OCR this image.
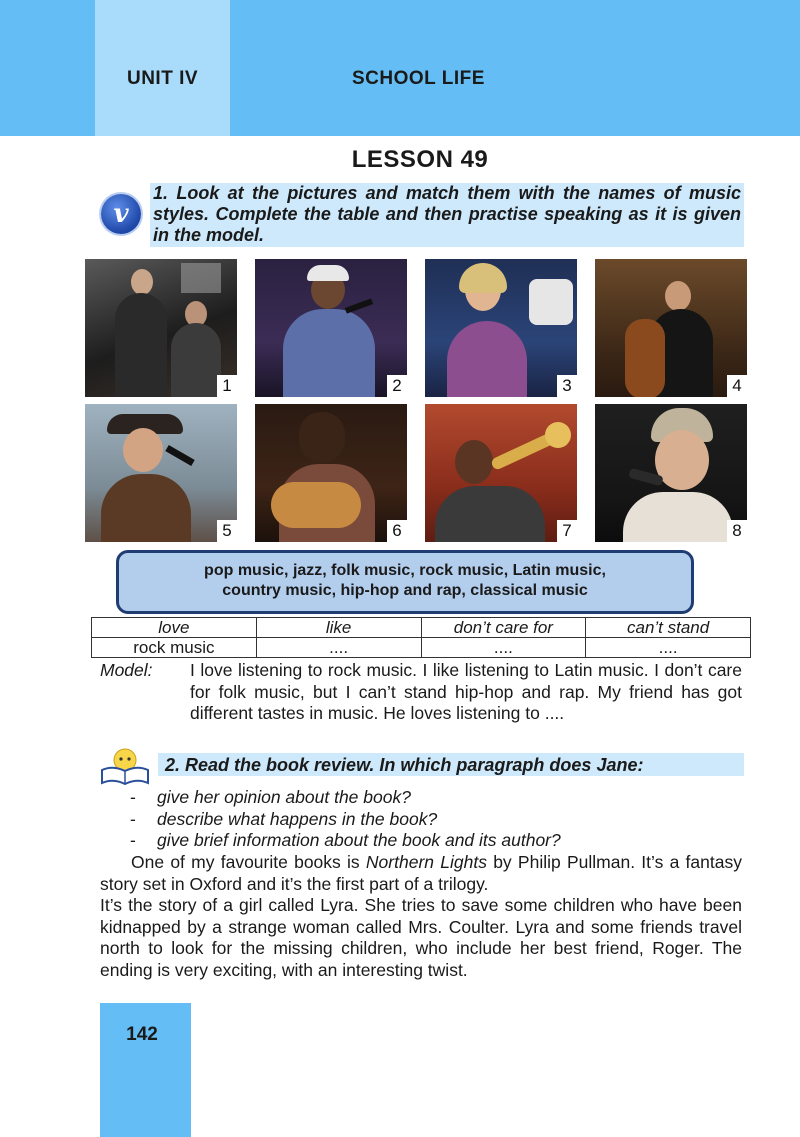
UNIT IV	SCHOOL LIFE
LESSON 49
v
1. Look at the pictures and match them with the names of music styles. Complete the table and then practise speaking as it is given in the model.
1	2	3	4
5	6	7	8
pop music, jazz, folk music, rock music, Latin music,
country music, hip-hop and rap, classical music
love	like	don’t care for	can’t stand
rock music	....	....	....
Model: I love listening to rock music. I like listening to Latin music. I don’t care for folk music, but I can’t stand hip-hop and rap. My friend has got different tastes in music. He loves listening to ....
2. Read the book review. In which paragraph does Jane:
- give her opinion about the book?
- describe what happens in the book?
- give brief information about the book and its author?

One of my favourite books is Northern Lights by Philip Pullman. It’s a fantasy story set in Oxford and it’s the first part of a trilogy.

It’s the story of a girl called Lyra. She tries to save some children who have been kidnapped by a strange woman called Mrs. Coulter. Lyra and some friends travel north to look for the missing children, who include her best friend, Roger. The ending is very exciting, with an interesting twist.

142
